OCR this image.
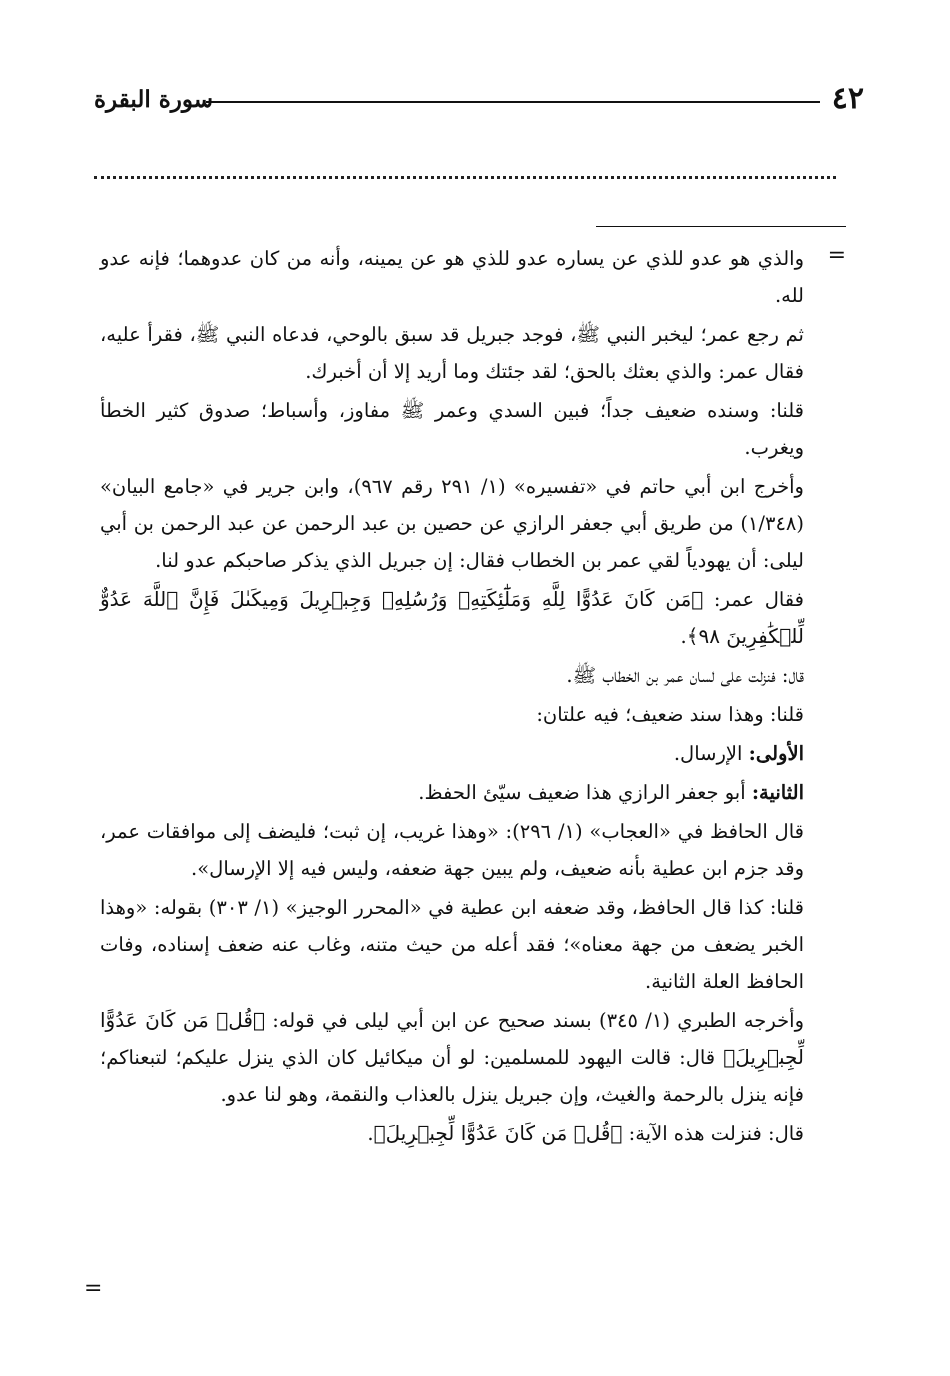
٤٢
سورة البقرة
=
=

والذي هو عدو للذي عن يساره عدو للذي هو عن يمينه، وأنه من كان عدوهما؛ فإنه عدو لله.

ثم رجع عمر؛ ليخبر النبي ﷺ، فوجد جبريل قد سبق بالوحي، فدعاه النبي ﷺ، فقرأ عليه، فقال عمر: والذي بعثك بالحق؛ لقد جئتك وما أريد إلا أن أخبرك.

قلنا: وسنده ضعيف جداً؛ فبين السدي وعمر ﷺ مفاوز، وأسباط؛ صدوق كثير الخطأ ويغرب.

وأخرج ابن أبي حاتم في «تفسيره» (١/ ٢٩١ رقم ٩٦٧)، وابن جرير في «جامع البيان» (١/٣٤٨) من طريق أبي جعفر الرازي عن حصين بن عبد الرحمن عن عبد الرحمن بن أبي ليلى: أن يهودياً لقي عمر بن الخطاب فقال: إن جبريل الذي يذكر صاحبكم عدو لنا.

فقال عمر: ﴿مَن كَانَ عَدُوًّا لِلَّهِ وَمَلَٰٓئِكَتِهِۦ وَرُسُلِهِۦ وَجِبۡرِيلَ وَمِيكَىٰلَ فَإِنَّ ٱللَّهَ عَدُوٌّ لِّلۡكَٰفِرِينَ ٩٨﴾.

قال: فنزلت على لسان عمر بن الخطاب ﷺ.

قلنا: وهذا سند ضعيف؛ فيه علتان:

الأولى: الإرسال.

الثانية: أبو جعفر الرازي هذا ضعيف سيّئ الحفظ.

قال الحافظ في «العجاب» (١/ ٢٩٦): «وهذا غريب، إن ثبت؛ فليضف إلى موافقات عمر، وقد جزم ابن عطية بأنه ضعيف، ولم يبين جهة ضعفه، وليس فيه إلا الإرسال».

قلنا: كذا قال الحافظ، وقد ضعفه ابن عطية في «المحرر الوجيز» (١/ ٣٠٣) بقوله: «وهذا الخبر يضعف من جهة معناه»؛ فقد أعله من حيث متنه، وغاب عنه ضعف إسناده، وفات الحافظ العلة الثانية.

وأخرجه الطبري (١/ ٣٤٥) بسند صحيح عن ابن أبي ليلى في قوله: ﴿قُلۡ مَن كَانَ عَدُوًّا لِّجِبۡرِيلَ﴾ قال: قالت اليهود للمسلمين: لو أن ميكائيل كان الذي ينزل عليكم؛ لتبعناكم؛ فإنه ينزل بالرحمة والغيث، وإن جبريل ينزل بالعذاب والنقمة، وهو لنا عدو.

قال: فنزلت هذه الآية: ﴿قُلۡ مَن كَانَ عَدُوًّا لِّجِبۡرِيلَ﴾.
